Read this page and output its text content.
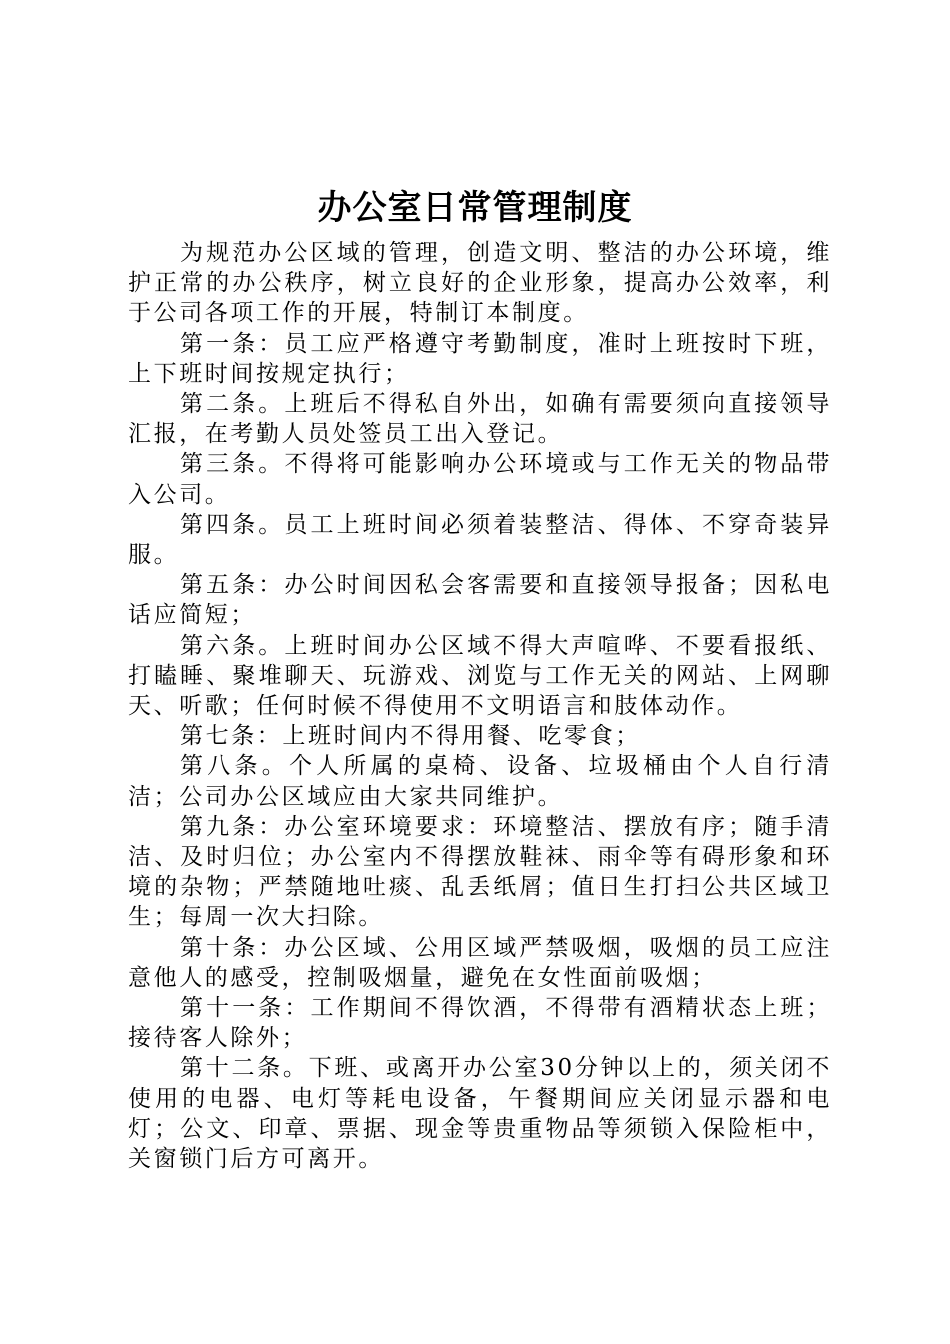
办公室日常管理制度

为规范办公区域的管理，创造文明、整洁的办公环境，维护正常的办公秩序，树立良好的企业形象，提高办公效率，利于公司各项工作的开展，特制订本制度。

第一条：员工应严格遵守考勤制度，准时上班按时下班，上下班时间按规定执行；

第二条。上班后不得私自外出，如确有需要须向直接领导汇报，在考勤人员处签员工出入登记。

第三条。不得将可能影响办公环境或与工作无关的物品带入公司。

第四条。员工上班时间必须着装整洁、得体、不穿奇装异服。

第五条：办公时间因私会客需要和直接领导报备；因私电话应简短；

第六条。上班时间办公区域不得大声喧哗、不要看报纸、打瞌睡、聚堆聊天、玩游戏、浏览与工作无关的网站、上网聊天、听歌；任何时候不得使用不文明语言和肢体动作。

第七条：上班时间内不得用餐、吃零食；

第八条。个人所属的桌椅、设备、垃圾桶由个人自行清洁；公司办公区域应由大家共同维护。

第九条：办公室环境要求：环境整洁、摆放有序；随手清洁、及时归位；办公室内不得摆放鞋袜、雨伞等有碍形象和环境的杂物；严禁随地吐痰、乱丢纸屑；值日生打扫公共区域卫生；每周一次大扫除。

第十条：办公区域、公用区域严禁吸烟，吸烟的员工应注意他人的感受，控制吸烟量，避免在女性面前吸烟；

第十一条：工作期间不得饮酒，不得带有酒精状态上班；接待客人除外；

第十二条。下班、或离开办公室30分钟以上的，须关闭不使用的电器、电灯等耗电设备，午餐期间应关闭显示器和电灯；公文、印章、票据、现金等贵重物品等须锁入保险柜中，关窗锁门后方可离开。
